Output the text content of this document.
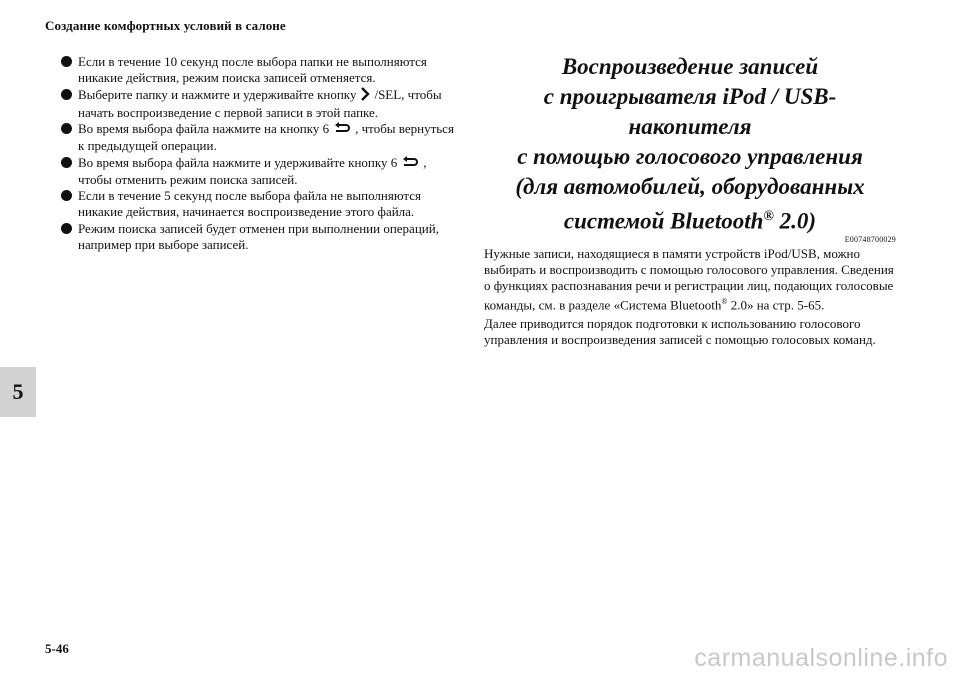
Создание комфортных условий в салоне
5

Если в течение 10 секунд после выбора папки не выполняются никакие действия, режим поиска записей отменяется.

Выберите папку и нажмите и удерживайте кнопку /SEL, чтобы начать воспроизведение с первой записи в этой папке.

Во время выбора файла нажмите на кнопку 6 , чтобы вернуться к предыдущей операции.

Во время выбора файла нажмите и удерживайте кнопку 6 , чтобы отменить режим поиска записей.

Если в течение 5 секунд после выбора файла не выполняются никакие действия, начинается воспроизведение этого файла.

Режим поиска записей будет отменен при выполнении операций, например при выборе записей.

Воспроизведение записей
с проигрывателя iPod / USB-накопителя
с помощью голосового управления
(для автомобилей, оборудованных
системой Bluetooth® 2.0)
E00748700029

Нужные записи, находящиеся в памяти устройств iPod/USB, можно выбирать и воспроизводить с помощью голосового управления. Сведения о функциях распознавания речи и регистрации лиц, подающих голосовые команды, см. в разделе «Система Bluetooth® 2.0» на стр. 5-65.

Далее приводится порядок подготовки к использованию голосового управления и воспроизведения записей с помощью голосовых команд.

5-46	carmanualsonline.info
